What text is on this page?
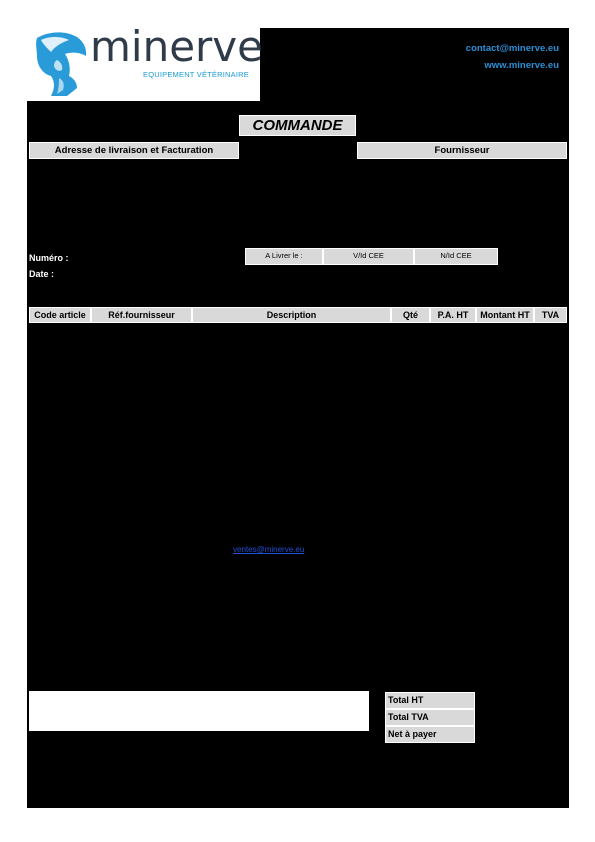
minerve
EQUIPEMENT VÉTÉRINAIRE
contact@minerve.eu
www.minerve.eu
COMMANDE
Adresse de livraison et Facturation	Fournisseur
Numéro :
Date :
A Livrer le :	V/Id CEE	N/Id CEE
Code article	Réf.fournisseur	Description	Qté	P.A. HT	Montant HT	TVA
ventes@minerve.eu
Total HT
Total TVA
Net à payer
